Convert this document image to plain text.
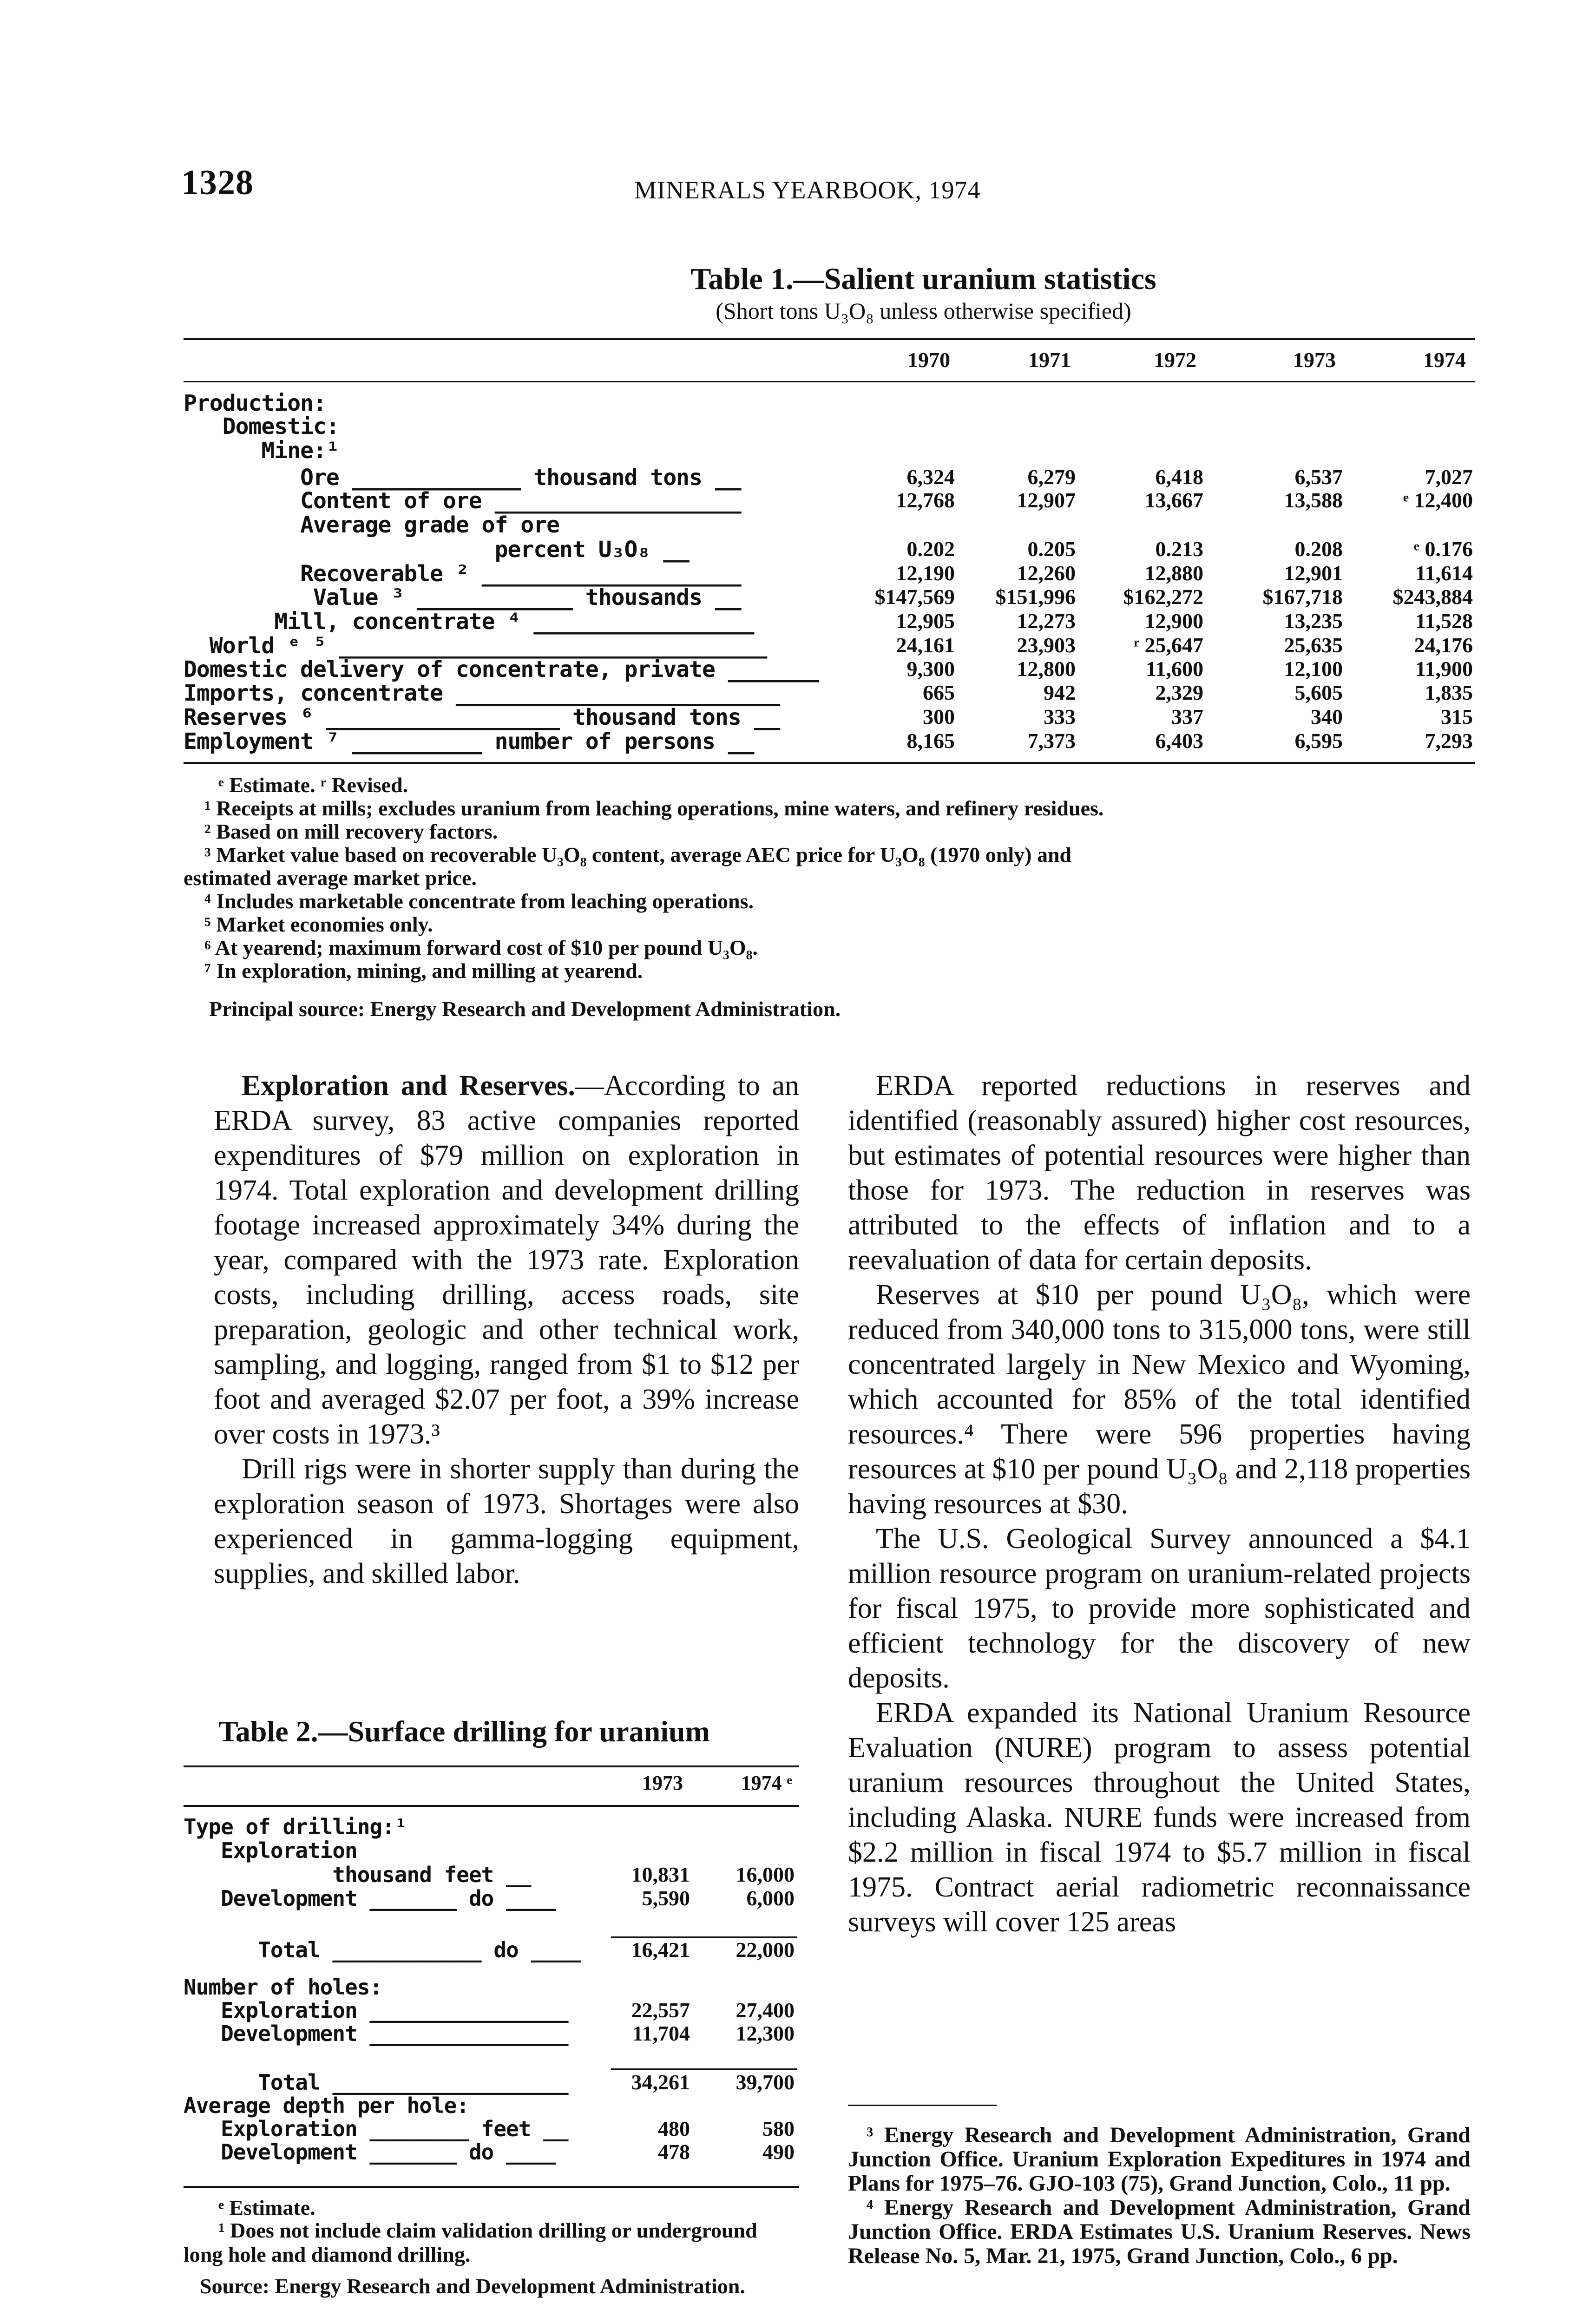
1328	MINERALS YEARBOOK, 1974
Table 1.—Salient uranium statistics
(Short tons U₃O₈ unless otherwise specified)
1970	1971	1972	1973	1974
Production:
Domestic:
Mine:¹
Ore _____________ thousand tons __	6,324	6,279	6,418	6,537	7,027
Content of ore ___________________	12,768	12,907	13,667	13,588	ᵉ 12,400
Average grade of ore
percent U₃O₈ __	0.202	0.205	0.213	0.208	ᵉ 0.176
Recoverable ² ____________________	12,190	12,260	12,880	12,901	11,614
Value ³ ____________ thousands __	$147,569	$151,996	$162,272	$167,718	$243,884
Mill, concentrate ⁴ _________________	12,905	12,273	12,900	13,235	11,528
World ᵉ ⁵ _________________________________	24,161	23,903	ʳ 25,647	25,635	24,176
Domestic delivery of concentrate, private _______	9,300	12,800	11,600	12,100	11,900
Imports, concentrate _________________________	665	942	2,329	5,605	1,835
Reserves ⁶ __________________ thousand tons __	300	333	337	340	315
Employment ⁷ __________ number of persons __	8,165	7,373	6,403	6,595	7,293
ᵉ Estimate. ʳ Revised.
¹ Receipts at mills; excludes uranium from leaching operations, mine waters, and refinery residues.
² Based on mill recovery factors.
³ Market value based on recoverable U₃O₈ content, average AEC price for U₃O₈ (1970 only) and
estimated average market price.
⁴ Includes marketable concentrate from leaching operations.
⁵ Market economies only.
⁶ At yearend; maximum forward cost of $10 per pound U₃O₈.
⁷ In exploration, mining, and milling at yearend.
Principal source: Energy Research and Development Administration.

Exploration and Reserves.—According to an ERDA survey, 83 active companies reported expenditures of $79 million on exploration in 1974. Total exploration and development drilling footage increased approximately 34% during the year, compared with the 1973 rate. Exploration costs, including drilling, access roads, site preparation, geologic and other technical work, sampling, and logging, ranged from $1 to $12 per foot and averaged $2.07 per foot, a 39% increase over costs in 1973.³

Drill rigs were in shorter supply than during the exploration season of 1973. Shortages were also experienced in gamma-logging equipment, supplies, and skilled labor.

ERDA reported reductions in reserves and identified (reasonably assured) higher cost resources, but estimates of potential resources were higher than those for 1973. The reduction in reserves was attributed to the effects of inflation and to a reevaluation of data for certain deposits.

Reserves at $10 per pound U₃O₈, which were reduced from 340,000 tons to 315,000 tons, were still concentrated largely in New Mexico and Wyoming, which accounted for 85% of the total identified resources.⁴ There were 596 properties having resources at $10 per pound U₃O₈ and 2,118 properties having resources at $30.

The U.S. Geological Survey announced a $4.1 million resource program on uranium-related projects for fiscal 1975, to provide more sophisticated and efficient technology for the discovery of new deposits.

ERDA expanded its National Uranium Resource Evaluation (NURE) program to assess potential uranium resources throughout the United States, including Alaska. NURE funds were increased from $2.2 million in fiscal 1974 to $5.7 million in fiscal 1975. Contract aerial radiometric reconnaissance surveys will cover 125 areas

³ Energy Research and Development Administration, Grand Junction Office. Uranium Exploration Expeditures in 1974 and Plans for 1975–76. GJO-103 (75), Grand Junction, Colo., 11 pp.

⁴ Energy Research and Development Administration, Grand Junction Office. ERDA Estimates U.S. Uranium Reserves. News Release No. 5, Mar. 21, 1975, Grand Junction, Colo., 6 pp.

Table 2.—Surface drilling for uranium
1973	1974 ᵉ
Type of drilling:¹
Exploration
thousand feet __	10,831	16,000
Development _______ do ____	5,590	6,000
Total ____________ do ____	16,421	22,000
Number of holes:
Exploration ________________	22,557	27,400
Development ________________	11,704	12,300
Total ___________________	34,261	39,700
Average depth per hole:
Exploration ________ feet __	480	580
Development _______ do ____	478	490
ᵉ Estimate.
¹ Does not include claim validation drilling or underground long hole and diamond drilling.
Source: Energy Research and Development Administration.
